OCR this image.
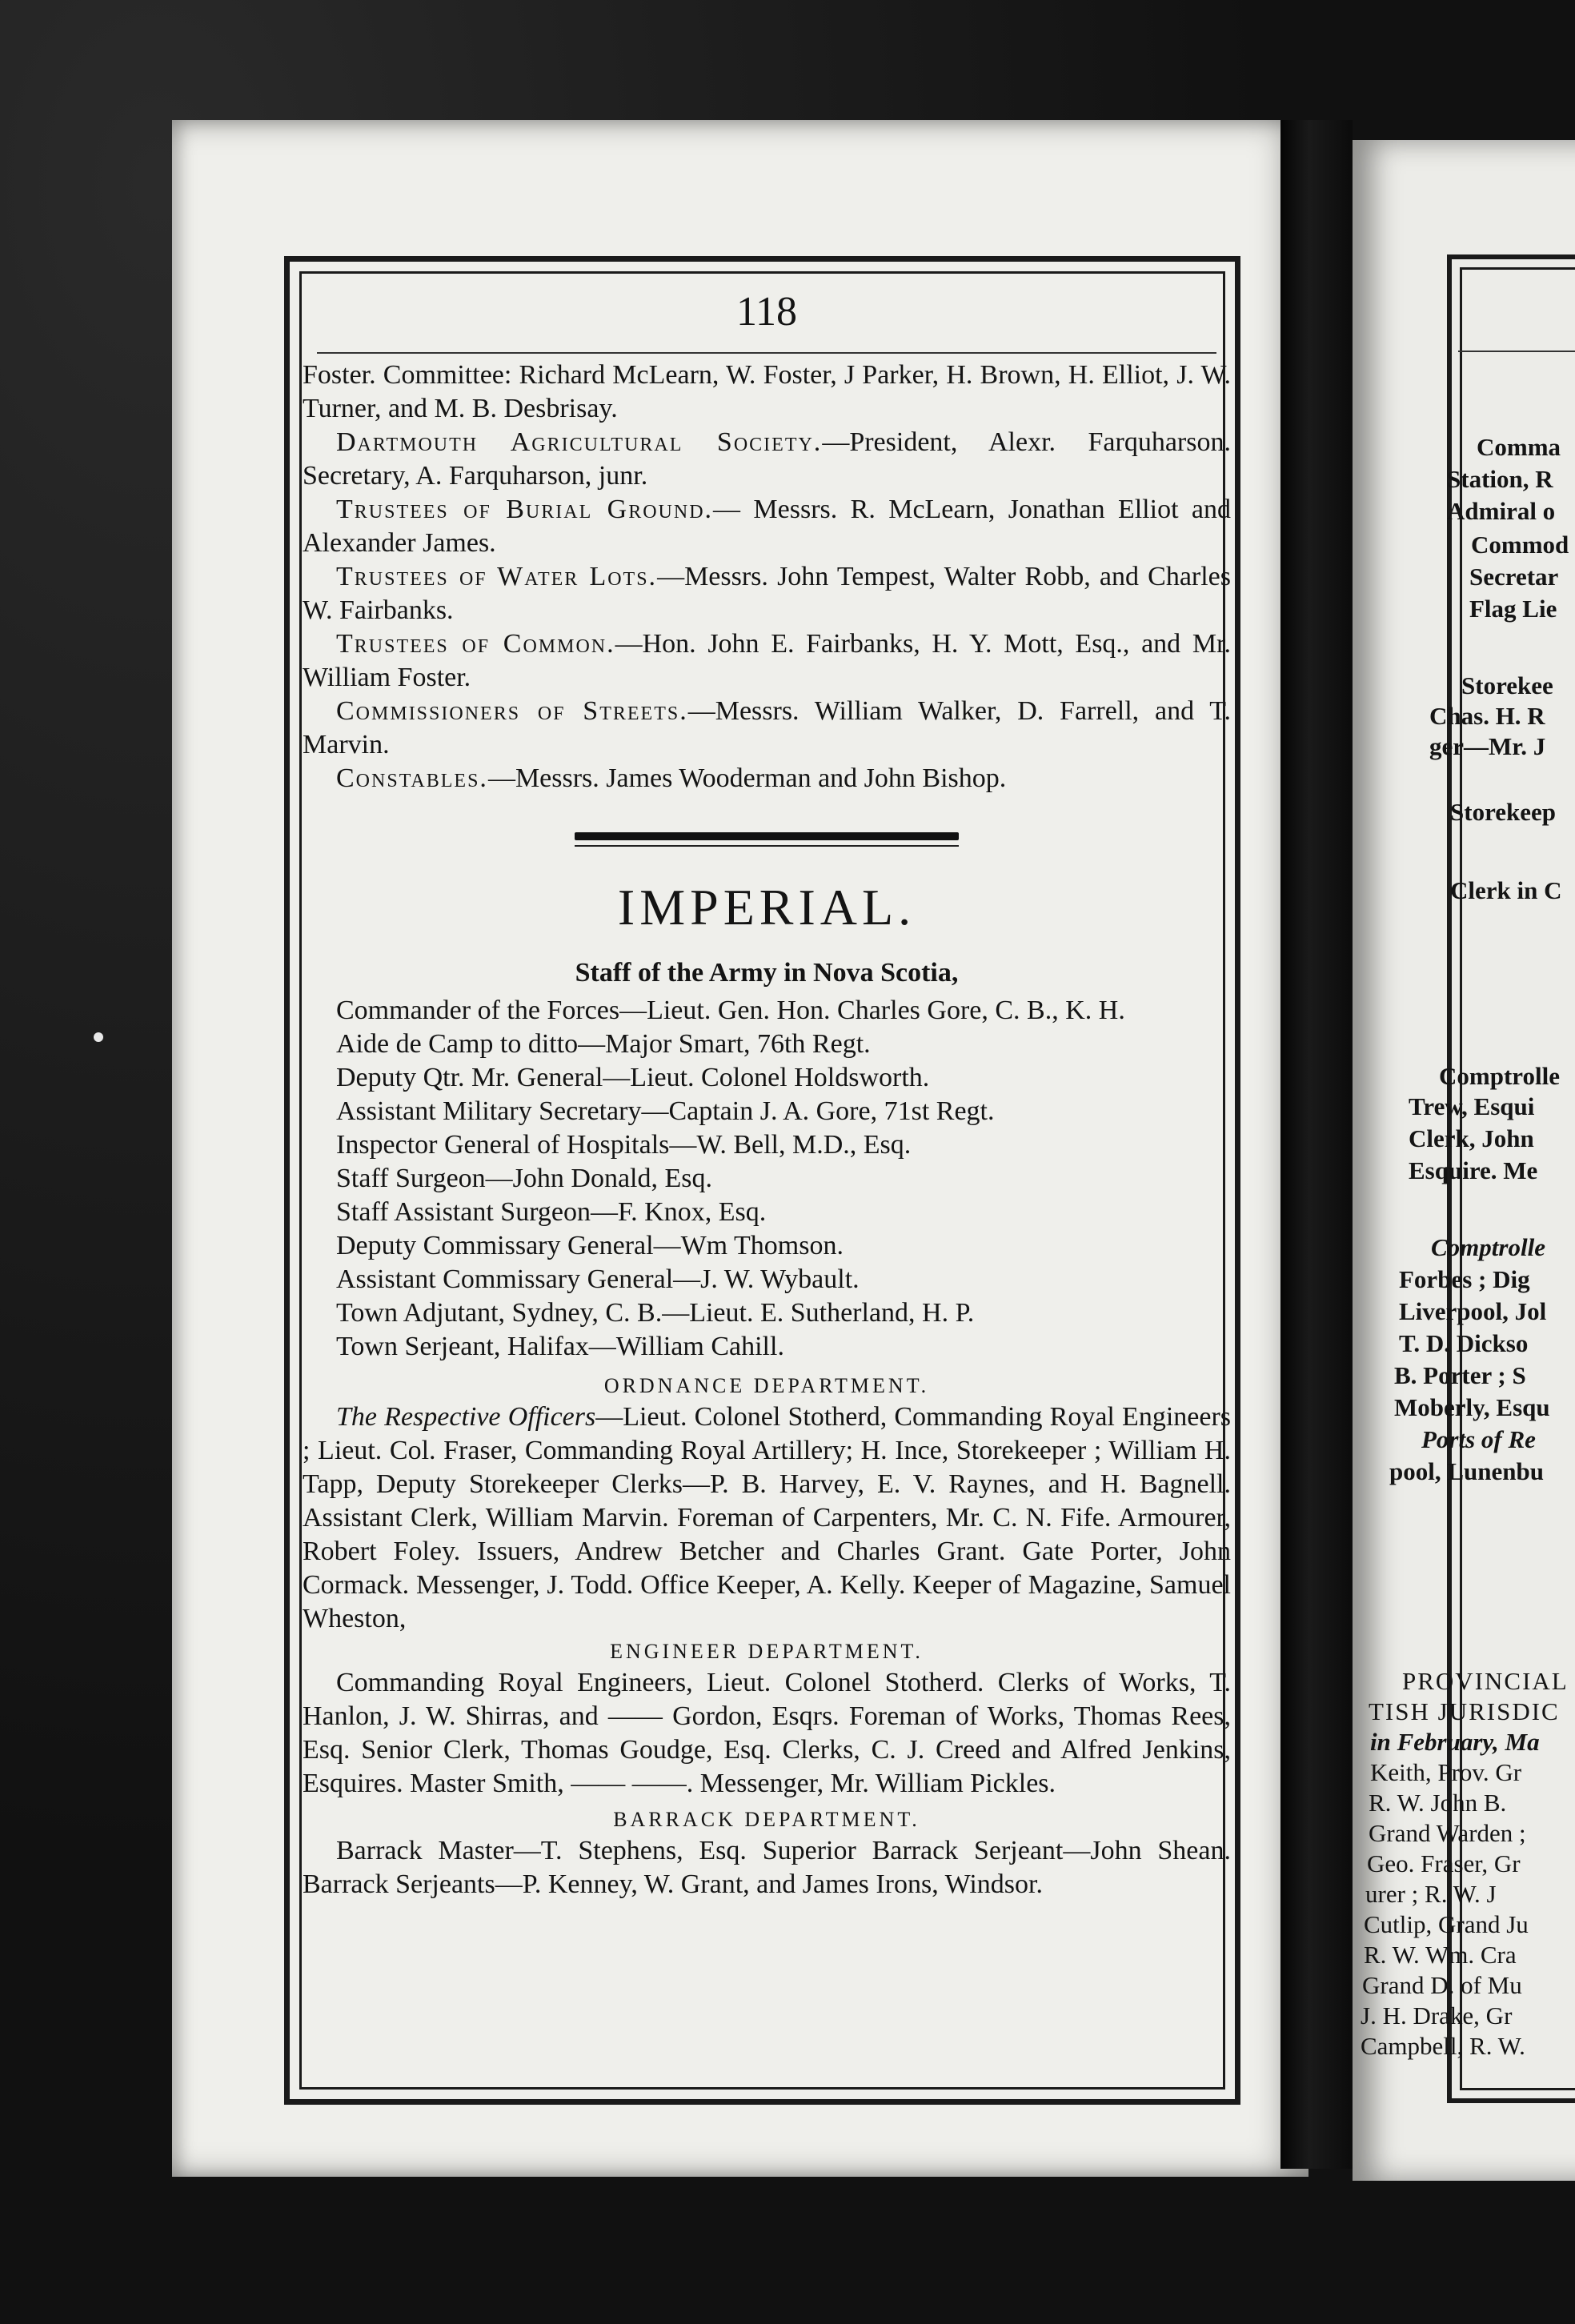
118

Foster. Committee: Richard McLearn, W. Foster, J Parker, H. Brown, H. Elliot, J. W. Turner, and M. B. Desbrisay.

Dartmouth Agricultural Society.—President, Alexr. Farquharson. Secretary, A. Farquharson, junr.

Trustees of Burial Ground.— Messrs. R. McLearn, Jonathan Elliot and Alexander James.

Trustees of Water Lots.—Messrs. John Tempest, Walter Robb, and Charles W. Fairbanks.

Trustees of Common.—Hon. John E. Fairbanks, H. Y. Mott, Esq., and Mr. William Foster.

Commissioners of Streets.—Messrs. William Walker, D. Farrell, and T. Marvin.

Constables.—Messrs. James Wooderman and John Bishop.

IMPERIAL.
Staff of the Army in Nova Scotia,
Commander of the Forces—Lieut. Gen. Hon. Charles Gore, C. B., K. H.
Aide de Camp to ditto—Major Smart, 76th Regt.
Deputy Qtr. Mr. General—Lieut. Colonel Holdsworth.
Assistant Military Secretary—Captain J. A. Gore, 71st Regt.
Inspector General of Hospitals—W. Bell, M.D., Esq.
Staff Surgeon—John Donald, Esq.
Staff Assistant Surgeon—F. Knox, Esq.
Deputy Commissary General—Wm Thomson.
Assistant Commissary General—J. W. Wybault.
Town Adjutant, Sydney, C. B.—Lieut. E. Sutherland, H. P.
Town Serjeant, Halifax—William Cahill.
ORDNANCE DEPARTMENT.

The Respective Officers—Lieut. Colonel Stotherd, Commanding Royal Engineers ; Lieut. Col. Fraser, Commanding Royal Artillery; H. Ince, Storekeeper ; William H. Tapp, Deputy Storekeeper Clerks—P. B. Harvey, E. V. Raynes, and H. Bagnell. Assistant Clerk, William Marvin. Foreman of Carpenters, Mr. C. N. Fife. Armourer, Robert Foley. Issuers, Andrew Betcher and Charles Grant. Gate Porter, John Cormack. Messenger, J. Todd. Office Keeper, A. Kelly. Keeper of Magazine, Samuel Wheston,

ENGINEER DEPARTMENT.

Commanding Royal Engineers, Lieut. Colonel Stotherd. Clerks of Works, T. Hanlon, J. W. Shirras, and —— Gordon, Esqrs. Foreman of Works, Thomas Rees, Esq. Senior Clerk, Thomas Goudge, Esq. Clerks, C. J. Creed and Alfred Jenkins, Esquires. Master Smith, —— ——. Messenger, Mr. William Pickles.

BARRACK DEPARTMENT.

Barrack Master—T. Stephens, Esq. Superior Barrack Serjeant—John Shean. Barrack Serjeants—P. Kenney, W. Grant, and James Irons, Windsor.

Comma
Station, R
Admiral o
Commod
Secretar
Flag Lie
Storekee
Chas. H. R
ger—Mr. J
Storekeep
Clerk in C
Comptrolle
Trew, Esqui
Clerk, John
Esquire. Me
Comptrolle
Forbes ; Dig
Liverpool, Jol
T. D. Dickso
B. Porter ; S
Moberly, Esqu
Ports of Re
pool, Lunenbu
PROVINCIAL
TISH JURISDIC
in February, Ma
Keith, Prov. Gr
R. W. John B.
Grand Warden ;
Geo. Fraser, Gr
urer ; R. W. J
Cutlip, Grand Ju
R. W. Wm. Cra
Grand D. of Mu
J. H. Drake, Gr
Campbell, R. W.
